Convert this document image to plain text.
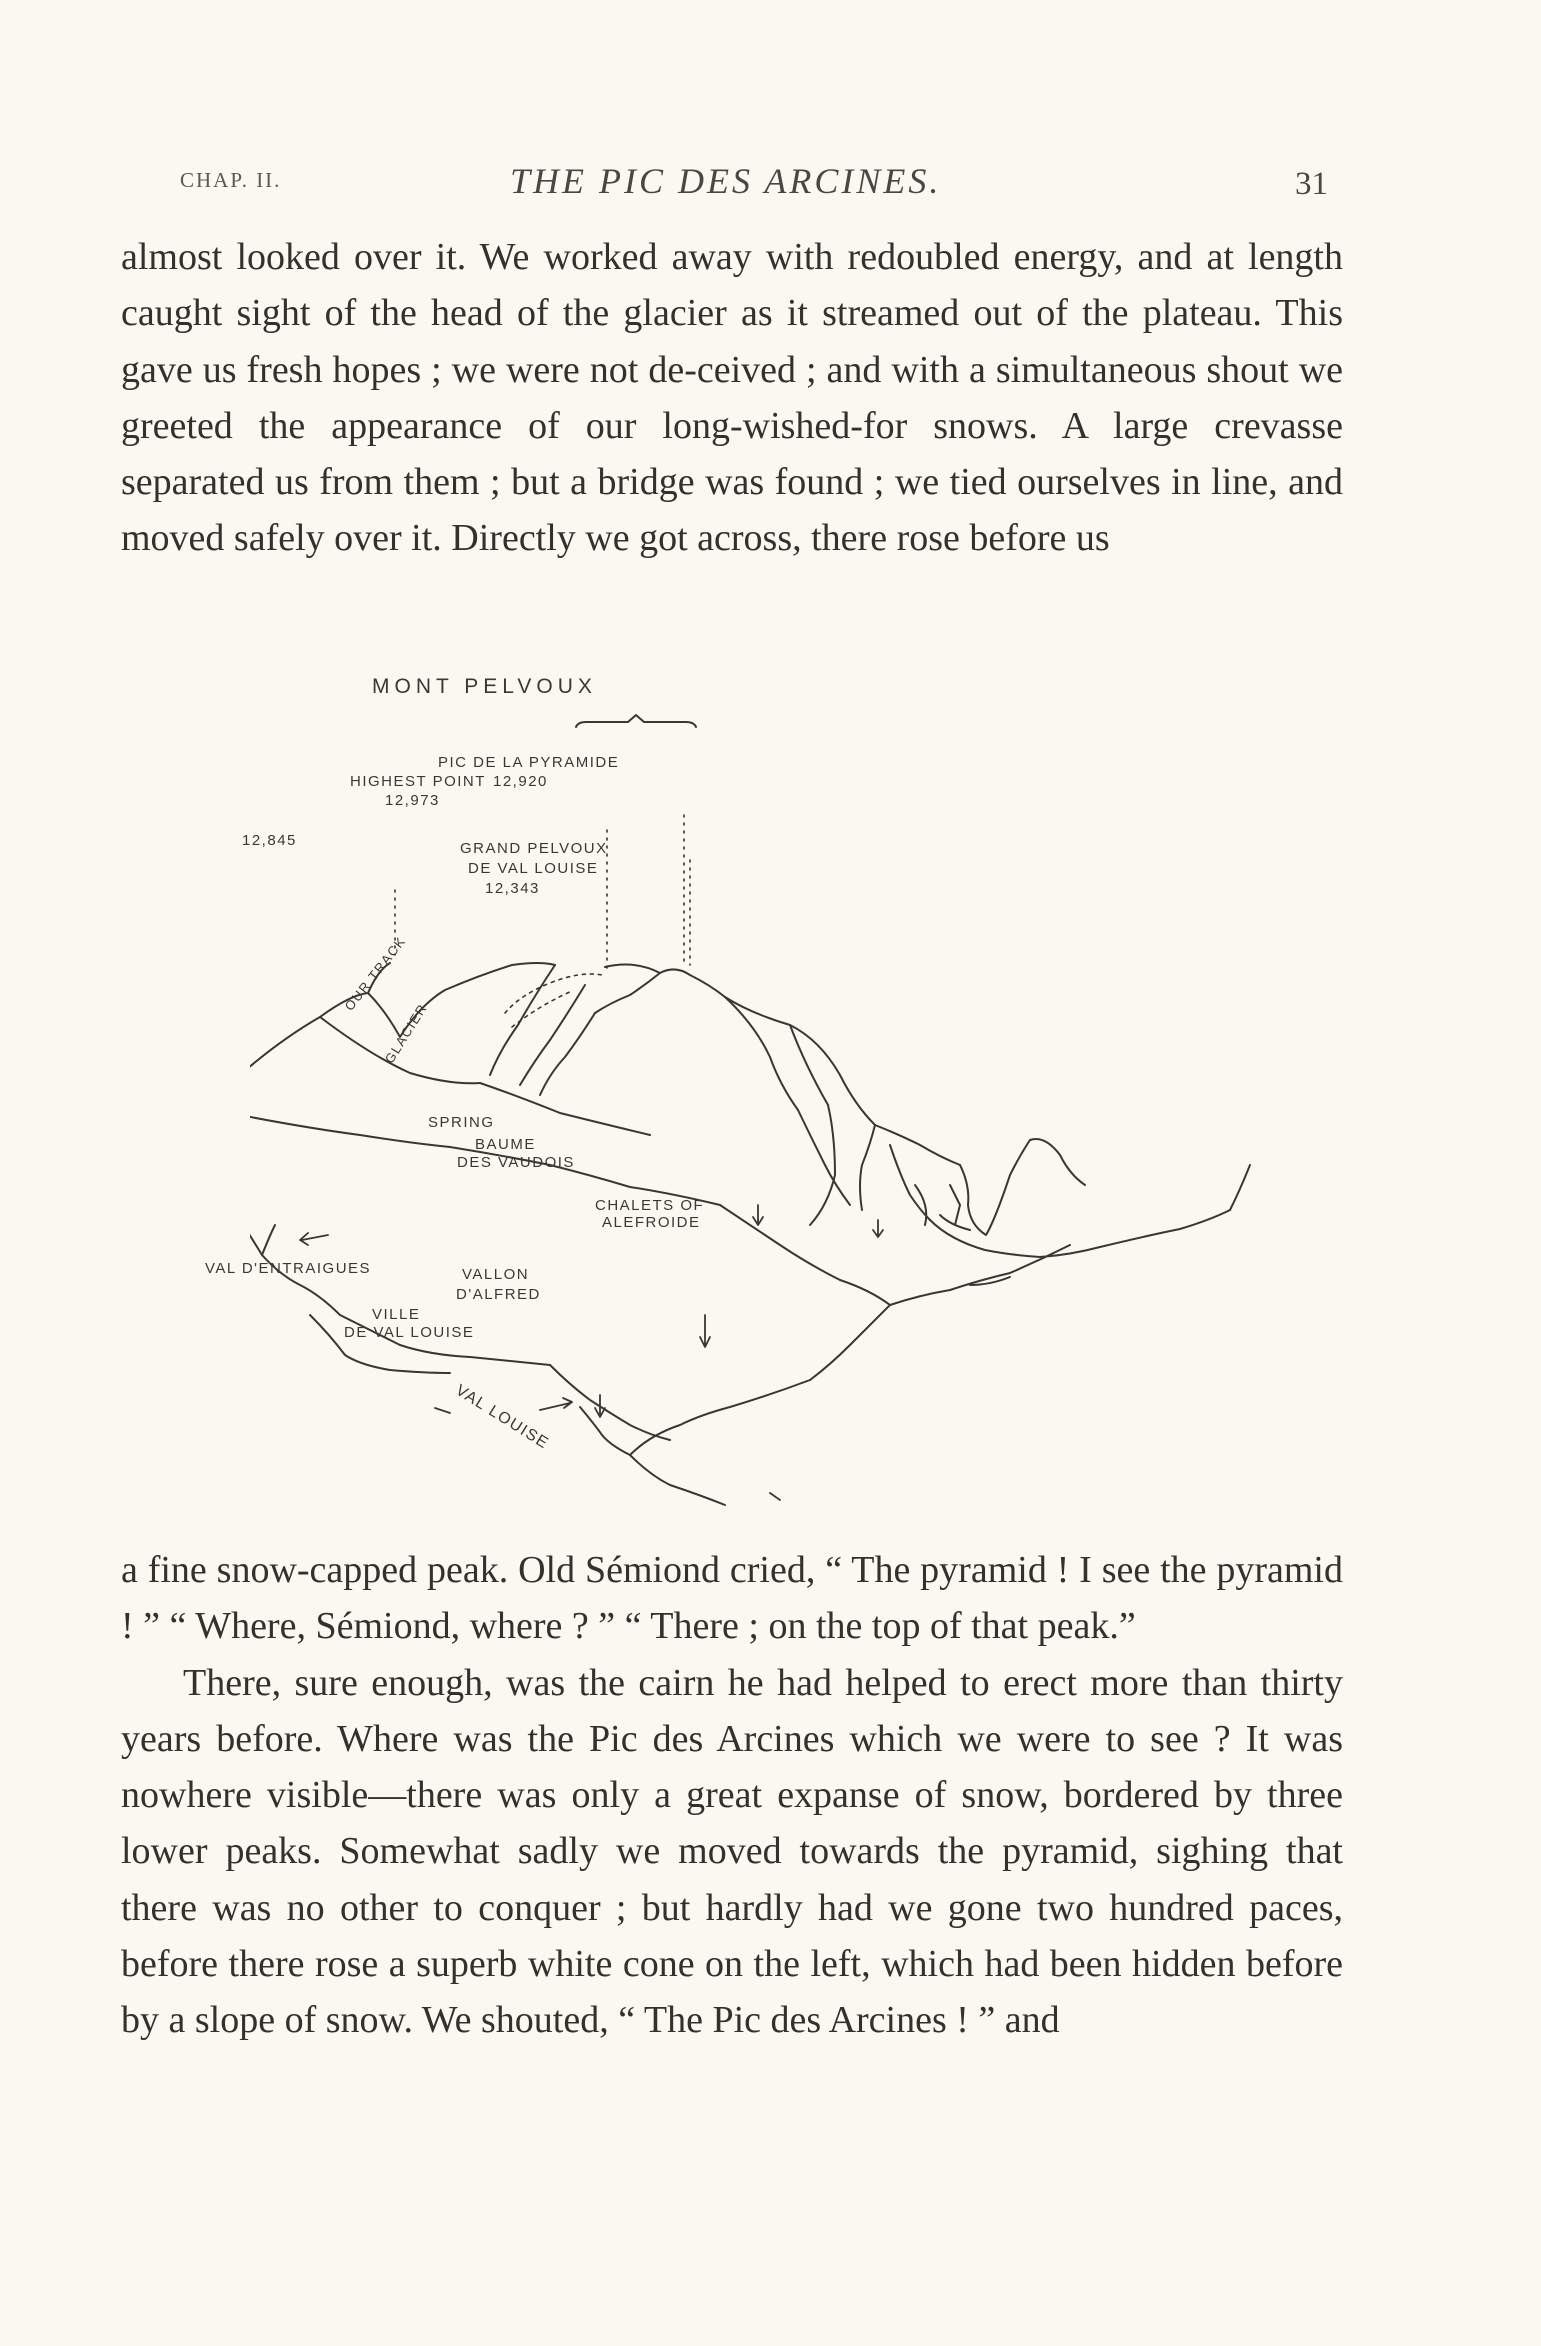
CHAP. II.	THE PIC DES ARCINES.	31

almost looked over it. We worked away with redoubled energy, and at length caught sight of the head of the glacier as it streamed out of the plateau. This gave us fresh hopes ; we were not de-ceived ; and with a simultaneous shout we greeted the appearance of our long-wished-for snows. A large crevasse separated us from them ; but a bridge was found ; we tied ourselves in line, and moved safely over it. Directly we got across, there rose before us

MONT PELVOUX
PIC DE LA PYRAMIDE
12,920
HIGHEST POINT
12,973
12,845	GRAND PELVOUX
DE VAL LOUISE
12,343
OUR TRACK
GLACIER
SPRING
BAUME
DES VAUDOIS
CHALETS OF
ALEFROIDE
VAL D'ENTRAIGUES	VALLON
D'ALFRED
VILLE
DE VAL LOUISE
VAL LOUISE

a fine snow-capped peak. Old Sémiond cried, “ The pyramid ! I see the pyramid ! ” “ Where, Sémiond, where ? ” “ There ; on the top of that peak.”

There, sure enough, was the cairn he had helped to erect more than thirty years before. Where was the Pic des Arcines which we were to see ? It was nowhere visible—there was only a great expanse of snow, bordered by three lower peaks. Somewhat sadly we moved towards the pyramid, sighing that there was no other to conquer ; but hardly had we gone two hundred paces, before there rose a superb white cone on the left, which had been hidden before by a slope of snow. We shouted, “ The Pic des Arcines ! ” and
